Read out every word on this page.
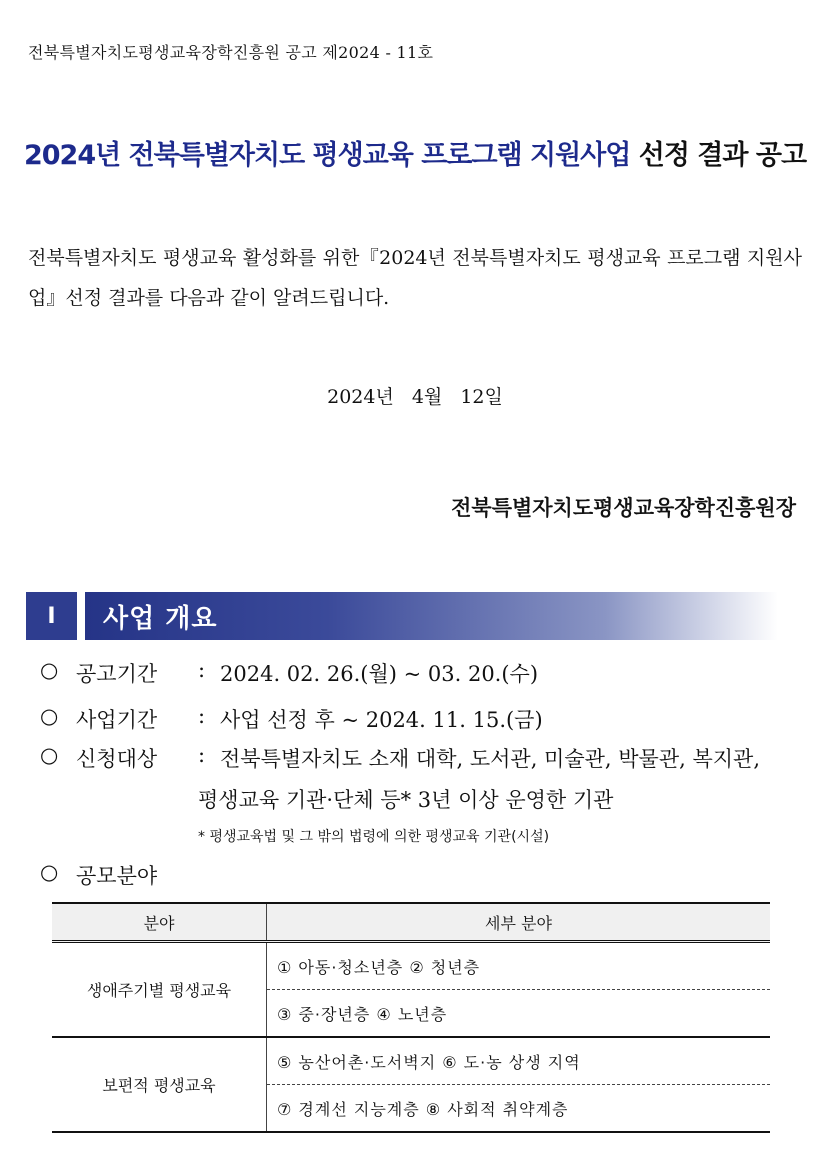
전북특별자치도평생교육장학진흥원 공고 제2024 - 11호
2024년 전북특별자치도 평생교육 프로그램 지원사업 선정 결과 공고
전북특별자치도 평생교육 활성화를 위한『2024년 전북특별자치도 평생교육 프로그램 지원사업』선정 결과를 다음과 같이 알려드립니다.
2024년 4월 12일
전북특별자치도평생교육장학진흥원장
Ⅰ	사업 개요
○ 공고기간	: 2024. 02. 26.(월) ~ 03. 20.(수)
○ 사업기간	: 사업 선정 후 ~ 2024. 11. 15.(금)
○ 신청대상	: 전북특별자치도 소재 대학, 도서관, 미술관, 박물관, 복지관,
평생교육 기관·단체 등* 3년 이상 운영한 기관
* 평생교육법 및 그 밖의 법령에 의한 평생교육 기관(시설)
○ 공모분야
분야	세부 분야
생애주기별 평생교육	① 아동·청소년층 ② 청년층
	③ 중·장년층 ④ 노년층
보편적 평생교육	⑤ 농산어촌·도서벽지 ⑥ 도·농 상생 지역
	⑦ 경계선 지능계층 ⑧ 사회적 취약계층
